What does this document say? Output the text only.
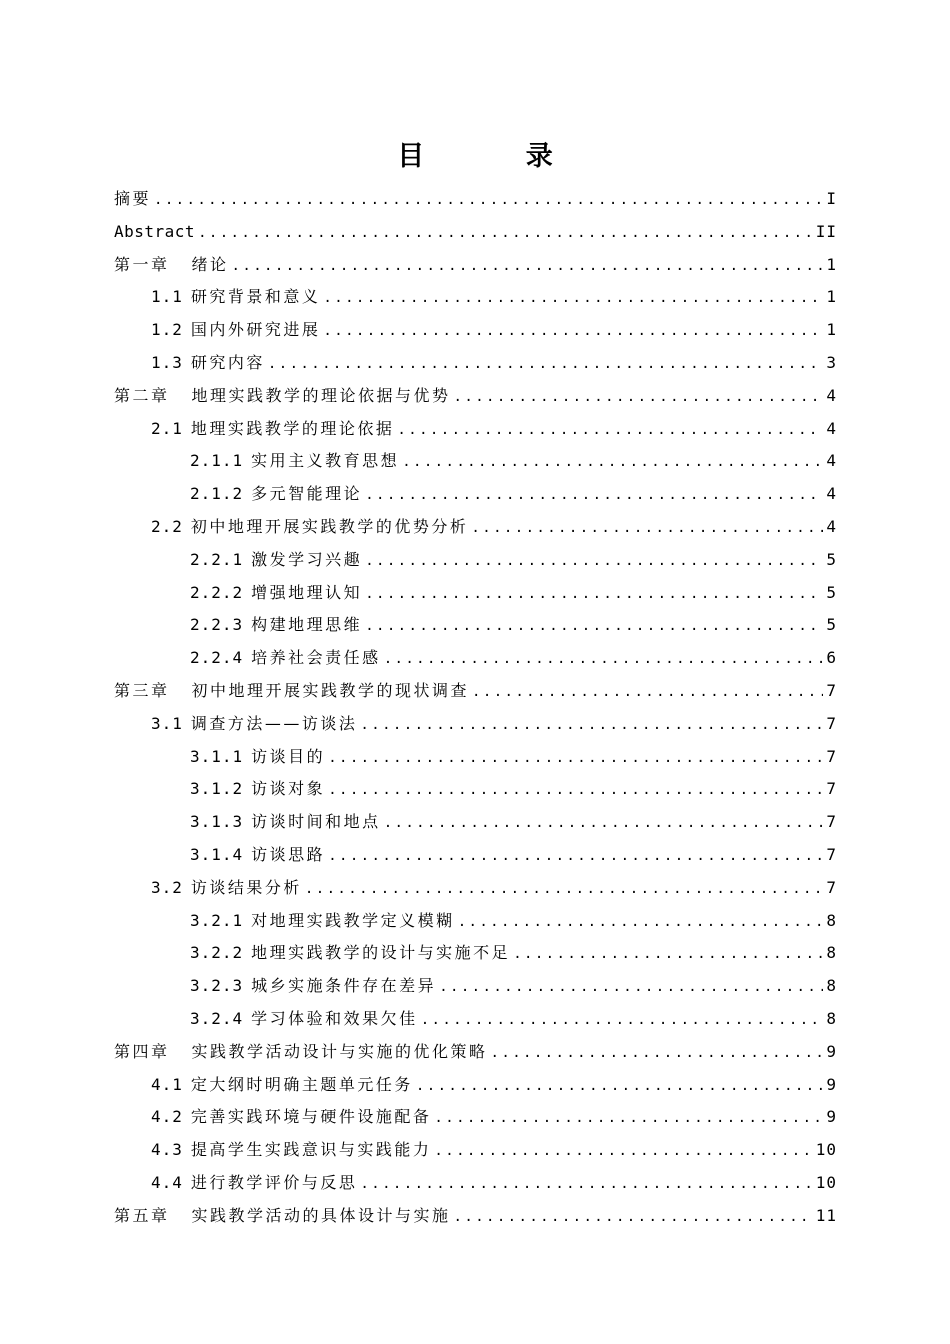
目 录
摘要 .....	I
Abstract .....	II
第一章 绪论 .....	1
1.1 研究背景和意义 .....	1
1.2 国内外研究进展 .....	1
1.3 研究内容 .....	3
第二章 地理实践教学的理论依据与优势 .....	4
2.1 地理实践教学的理论依据 .....	4
2.1.1 实用主义教育思想 .....	4
2.1.2 多元智能理论 .....	4
2.2 初中地理开展实践教学的优势分析 .....	4
2.2.1 激发学习兴趣 .....	5
2.2.2 增强地理认知 .....	5
2.2.3 构建地理思维 .....	5
2.2.4 培养社会责任感 .....	6
第三章 初中地理开展实践教学的现状调查 .....	7
3.1 调查方法——访谈法 .....	7
3.1.1 访谈目的 .....	7
3.1.2 访谈对象 .....	7
3.1.3 访谈时间和地点 .....	7
3.1.4 访谈思路 .....	7
3.2 访谈结果分析 .....	7
3.2.1 对地理实践教学定义模糊 .....	8
3.2.2 地理实践教学的设计与实施不足 .....	8
3.2.3 城乡实施条件存在差异 .....	8
3.2.4 学习体验和效果欠佳 .....	8
第四章 实践教学活动设计与实施的优化策略 .....	9
4.1 定大纲时明确主题单元任务 .....	9
4.2 完善实践环境与硬件设施配备 .....	9
4.3 提高学生实践意识与实践能力 .....	10
4.4 进行教学评价与反思 .....	10
第五章 实践教学活动的具体设计与实施 .....	11
